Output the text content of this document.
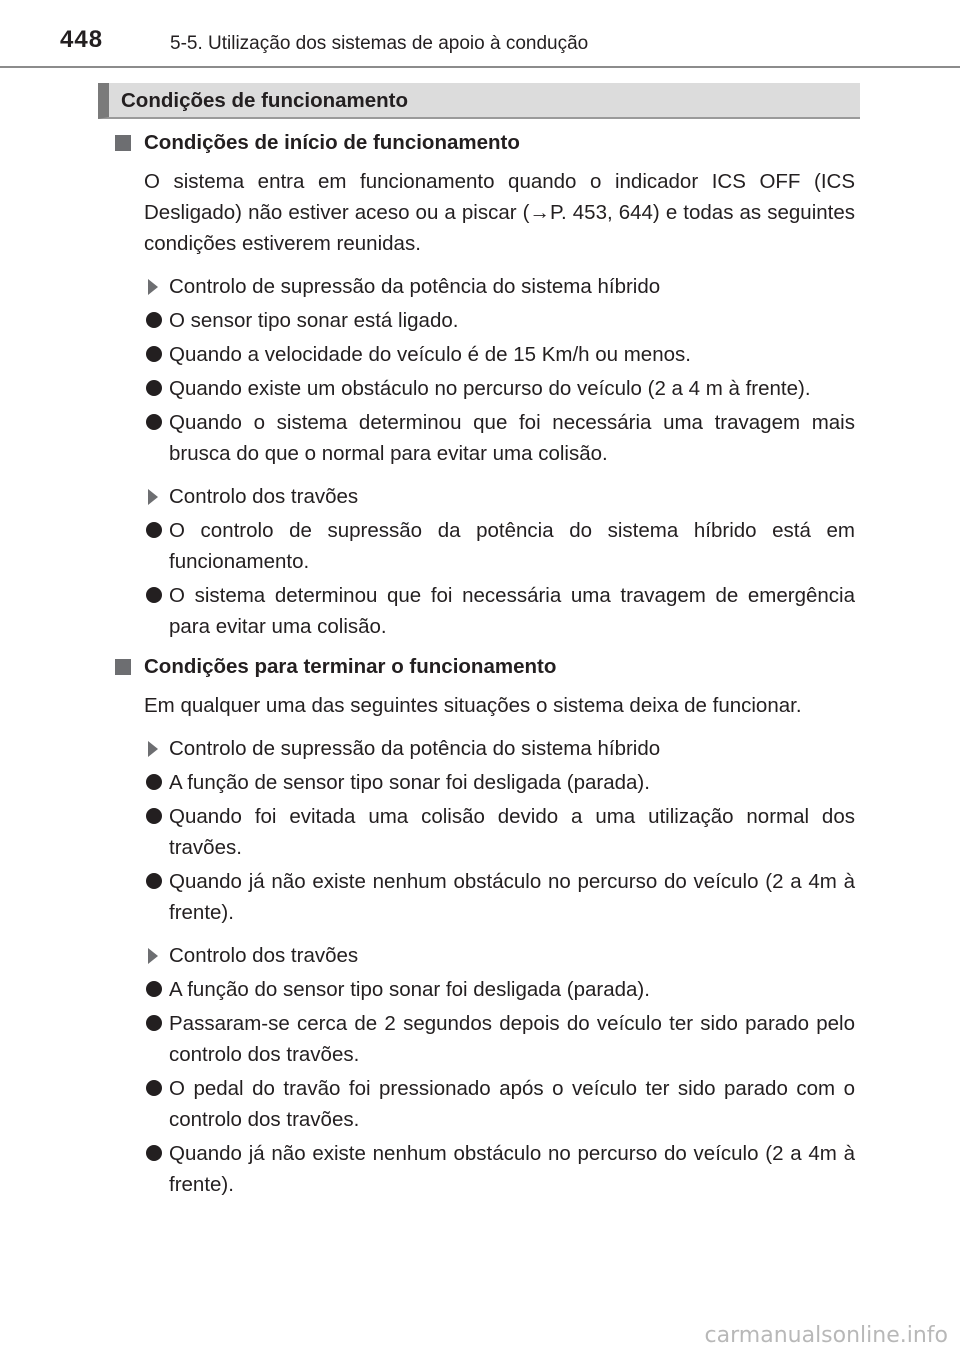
448	5-5. Utilização dos sistemas de apoio à condução
Condições de funcionamento
Condições de início de funcionamento
O sistema entra em funcionamento quando o indicador ICS OFF (ICS Desligado) não estiver aceso ou a piscar (→P. 453, 644) e todas as seguintes condições estiverem reunidas.
Controlo de supressão da potência do sistema híbrido
O sensor tipo sonar está ligado.
Quando a velocidade do veículo é de 15 Km/h ou menos.
Quando existe um obstáculo no percurso do veículo (2 a 4 m à frente).
Quando o sistema determinou que foi necessária uma travagem mais brusca do que o normal para evitar uma colisão.
Controlo dos travões
O controlo de supressão da potência do sistema híbrido está em funcionamento.
O sistema determinou que foi necessária uma travagem de emergência para evitar uma colisão.
Condições para terminar o funcionamento
Em qualquer uma das seguintes situações o sistema deixa de funcionar.
Controlo de supressão da potência do sistema híbrido
A função de sensor tipo sonar foi desligada (parada).
Quando foi evitada uma colisão devido a uma utilização normal dos travões.
Quando já não existe nenhum obstáculo no percurso do veículo (2 a 4m à frente).
Controlo dos travões
A função do sensor tipo sonar foi desligada (parada).
Passaram-se cerca de 2 segundos depois do veículo ter sido parado pelo controlo dos travões.
O pedal do travão foi pressionado após o veículo ter sido parado com o controlo dos travões.
Quando já não existe nenhum obstáculo no percurso do veículo (2 a 4m à frente).
carmanualsonline.info
